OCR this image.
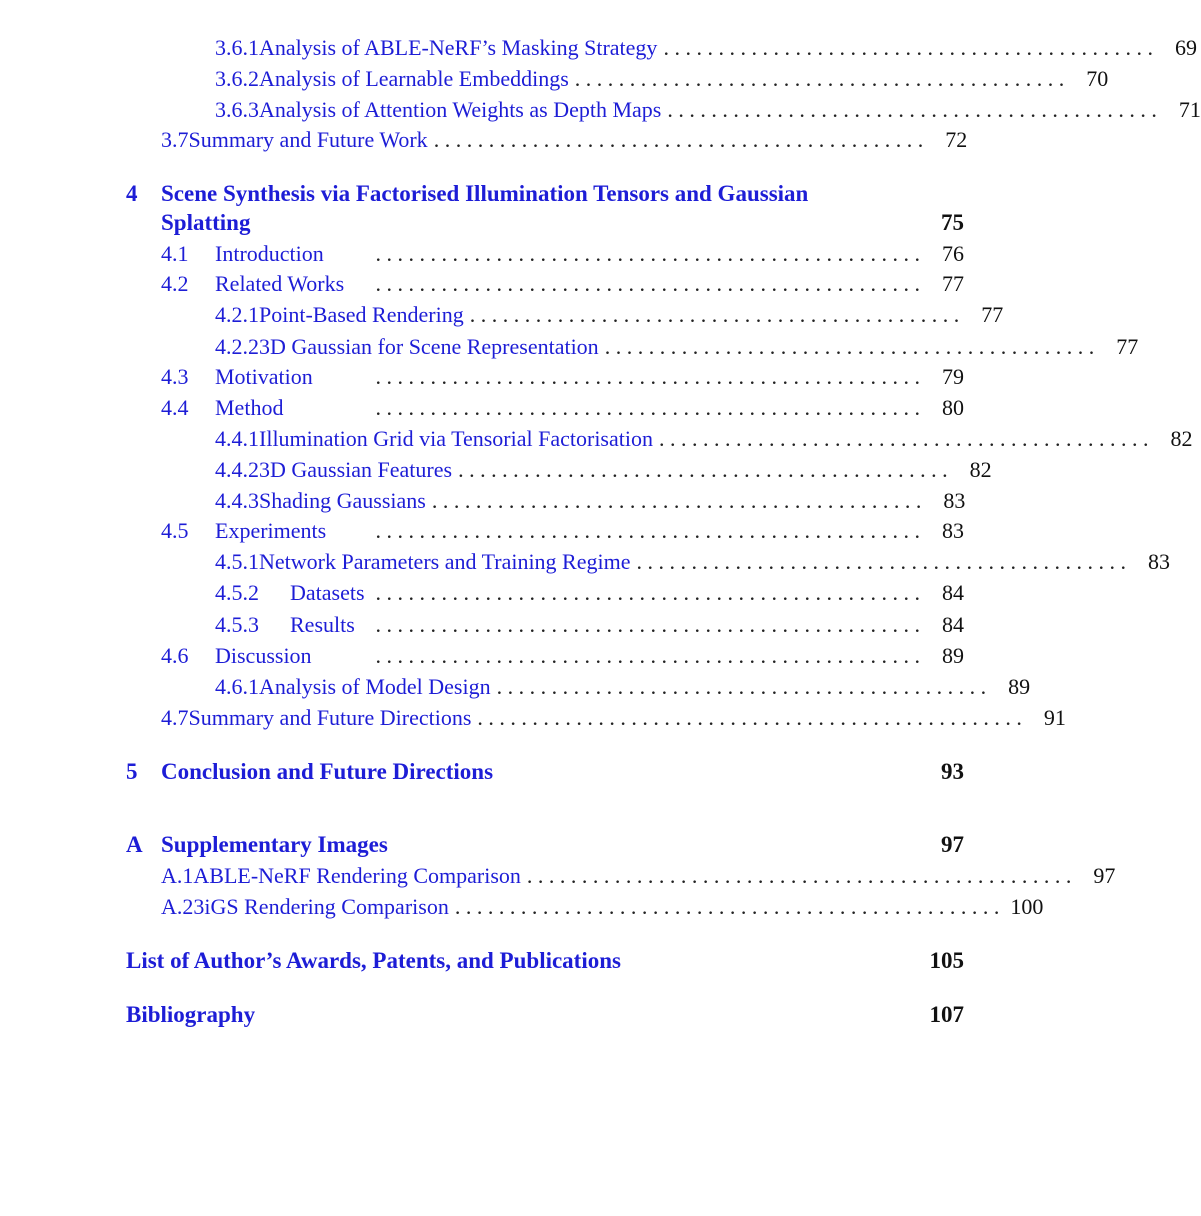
3.6.1 Analysis of ABLE-NeRF’s Masking Strategy . . . . . . . . . . . . . . . . . . . . . . . . . . . . . . . . . . . . . . . . . . . . .	69
3.6.2 Analysis of Learnable Embeddings . . . . . . . . . . . . . . . . . . . . . . . . . . . . . . . . . . . . . . . . . . . . .	70
3.6.3 Analysis of Attention Weights as Depth Maps . . . . . . . . . . . . . . . . . . . . . . . . . . . . . . . . . . . . . . . . . . . . .	71
3.7 Summary and Future Work . . . . . . . . . . . . . . . . . . . . . . . . . . . . . . . . . . . . . . . . . . . . .	72
4	Scene Synthesis via Factorised Illumination Tensors and Gaussian
Splatting	75
4.1	Introduction	. . . . . . . . . . . . . . . . . . . . . . . . . . . . . . . . . . . . . . . . . . . . . . . . . .	76
4.2	Related Works	. . . . . . . . . . . . . . . . . . . . . . . . . . . . . . . . . . . . . . . . . . . . . . . . . .	77
4.2.1 Point-Based Rendering . . . . . . . . . . . . . . . . . . . . . . . . . . . . . . . . . . . . . . . . . . . . .	77
4.2.2 3D Gaussian for Scene Representation . . . . . . . . . . . . . . . . . . . . . . . . . . . . . . . . . . . . . . . . . . . . .	77
4.3	Motivation	. . . . . . . . . . . . . . . . . . . . . . . . . . . . . . . . . . . . . . . . . . . . . . . . . .	79
4.4	Method	. . . . . . . . . . . . . . . . . . . . . . . . . . . . . . . . . . . . . . . . . . . . . . . . . .	80
4.4.1 Illumination Grid via Tensorial Factorisation . . . . . . . . . . . . . . . . . . . . . . . . . . . . . . . . . . . . . . . . . . . . .	82
4.4.2 3D Gaussian Features . . . . . . . . . . . . . . . . . . . . . . . . . . . . . . . . . . . . . . . . . . . . .	82
4.4.3 Shading Gaussians . . . . . . . . . . . . . . . . . . . . . . . . . . . . . . . . . . . . . . . . . . . . .	83
4.5	Experiments	. . . . . . . . . . . . . . . . . . . . . . . . . . . . . . . . . . . . . . . . . . . . . . . . . .	83
4.5.1 Network Parameters and Training Regime . . . . . . . . . . . . . . . . . . . . . . . . . . . . . . . . . . . . . . . . . . . . .	83
4.5.2	Datasets . . . . . . . . . . . . . . . . . . . . . . . . . . . . . . . . . . . . . . . . . . . . . . . . . .	84
4.5.3	Results . . . . . . . . . . . . . . . . . . . . . . . . . . . . . . . . . . . . . . . . . . . . . . . . . .	84
4.6	Discussion	. . . . . . . . . . . . . . . . . . . . . . . . . . . . . . . . . . . . . . . . . . . . . . . . . .	89
4.6.1 Analysis of Model Design . . . . . . . . . . . . . . . . . . . . . . . . . . . . . . . . . . . . . . . . . . . . .	89
4.7 Summary and Future Directions . . . . . . . . . . . . . . . . . . . . . . . . . . . . . . . . . . . . . . . . . . . . . . . . . .	91
5	Conclusion and Future Directions	93
A Supplementary Images	97
A.1 ABLE-NeRF Rendering Comparison . . . . . . . . . . . . . . . . . . . . . . . . . . . . . . . . . . . . . . . . . . . . . . . . . .	97
A.2 3iGS Rendering Comparison . . . . . . . . . . . . . . . . . . . . . . . . . . . . . . . . . . . . . . . . . . . . . . . . . . 100
List of Author’s Awards, Patents, and Publications	105
Bibliography	107
